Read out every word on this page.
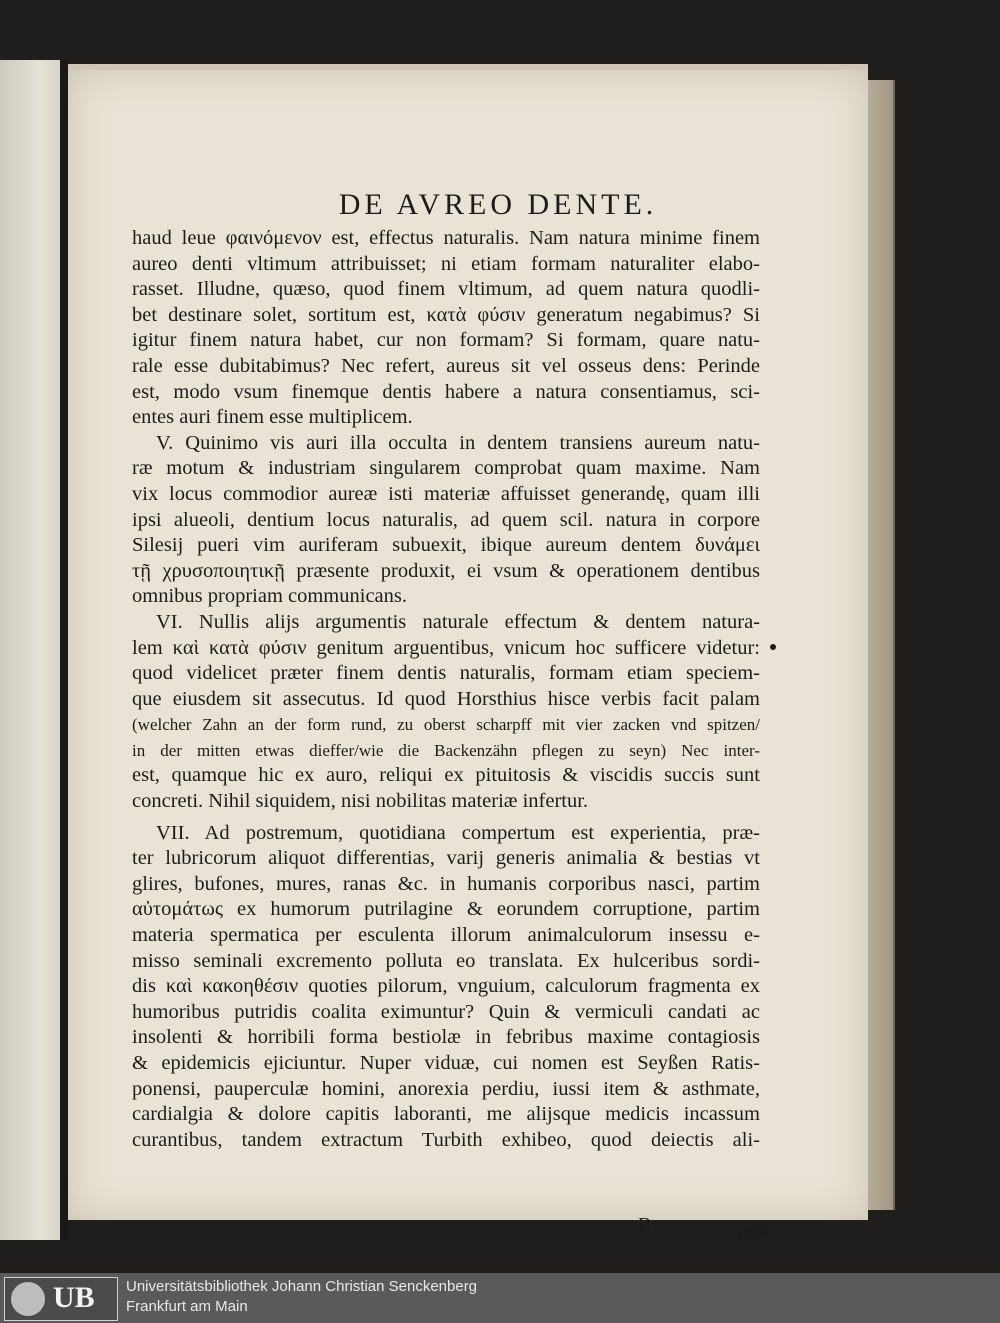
DE AVREO DENTE.
haud leue φαινόμενον est, effectus naturalis. Nam natura minime finem
aureo denti vltimum attribuisset; ni etiam formam naturaliter elabo-
rasset. Illudne, quæso, quod finem vltimum, ad quem natura quodli-
bet destinare solet, sortitum est, κατὰ φύσιν generatum negabimus? Si
igitur finem natura habet, cur non formam? Si formam, quare natu-
rale esse dubitabimus? Nec refert, aureus sit vel osseus dens: Perinde
est, modo vsum finemque dentis habere a natura consentiamus, sci-
entes auri finem esse multiplicem.
V. Quinimo vis auri illa occulta in dentem transiens aureum natu-
ræ motum & industriam singularem comprobat quam maxime. Nam
vix locus commodior aureæ isti materiæ affuisset generandę, quam illi
ipsi alueoli, dentium locus naturalis, ad quem scil. natura in corpore
Silesij pueri vim auriferam subuexit, ibique aureum dentem δυνάμει
τῇ χρυσοποιητικῇ præsente produxit, ei vsum & operationem dentibus
omnibus propriam communicans.
VI. Nullis alijs argumentis naturale effectum & dentem natura-
lem καὶ κατὰ φύσιν genitum arguentibus, vnicum hoc sufficere videtur:
quod videlicet præter finem dentis naturalis, formam etiam speciem-
que eiusdem sit assecutus. Id quod Horsthius hisce verbis facit palam
(welcher Zahn an der form rund, zu oberst scharpff mit vier zacken vnd spitzen/
in der mitten etwas dieffer/wie die Backenzähn pflegen zu seyn) Nec inter-
est, quamque hic ex auro, reliqui ex pituitosis & viscidis succis sunt
concreti. Nihil siquidem, nisi nobilitas materiæ infertur.
VII. Ad postremum, quotidiana compertum est experientia, præ-
ter lubricorum aliquot differentias, varij generis animalia & bestias vt
glires, bufones, mures, ranas &c. in humanis corporibus nasci, partim
αὐτομάτως ex humorum putrilagine & eorundem corruptione, partim
materia spermatica per esculenta illorum animalculorum insessu e-
misso seminali excremento polluta eo translata. Ex hulceribus sordi-
dis καὶ κακοηθέσιν quoties pilorum, vnguium, calculorum fragmenta ex
humoribus putridis coalita eximuntur? Quin & vermiculi candati ac
insolenti & horribili forma bestiolæ in febribus maxime contagiosis
& epidemicis ejiciuntur. Nuper viduæ, cui nomen est Seyßen Ratis-
ponensi, pauperculæ homini, anorexia perdiu, iussi item & asthmate,
cardialgia & dolore capitis laboranti, me alijsque medicis incassum
curantibus, tandem extractum Turbith exhibeo, quod deiectis ali-
B	quot
UB Universitätsbibliothek Johann Christian Senckenberg
Frankfurt am Main
